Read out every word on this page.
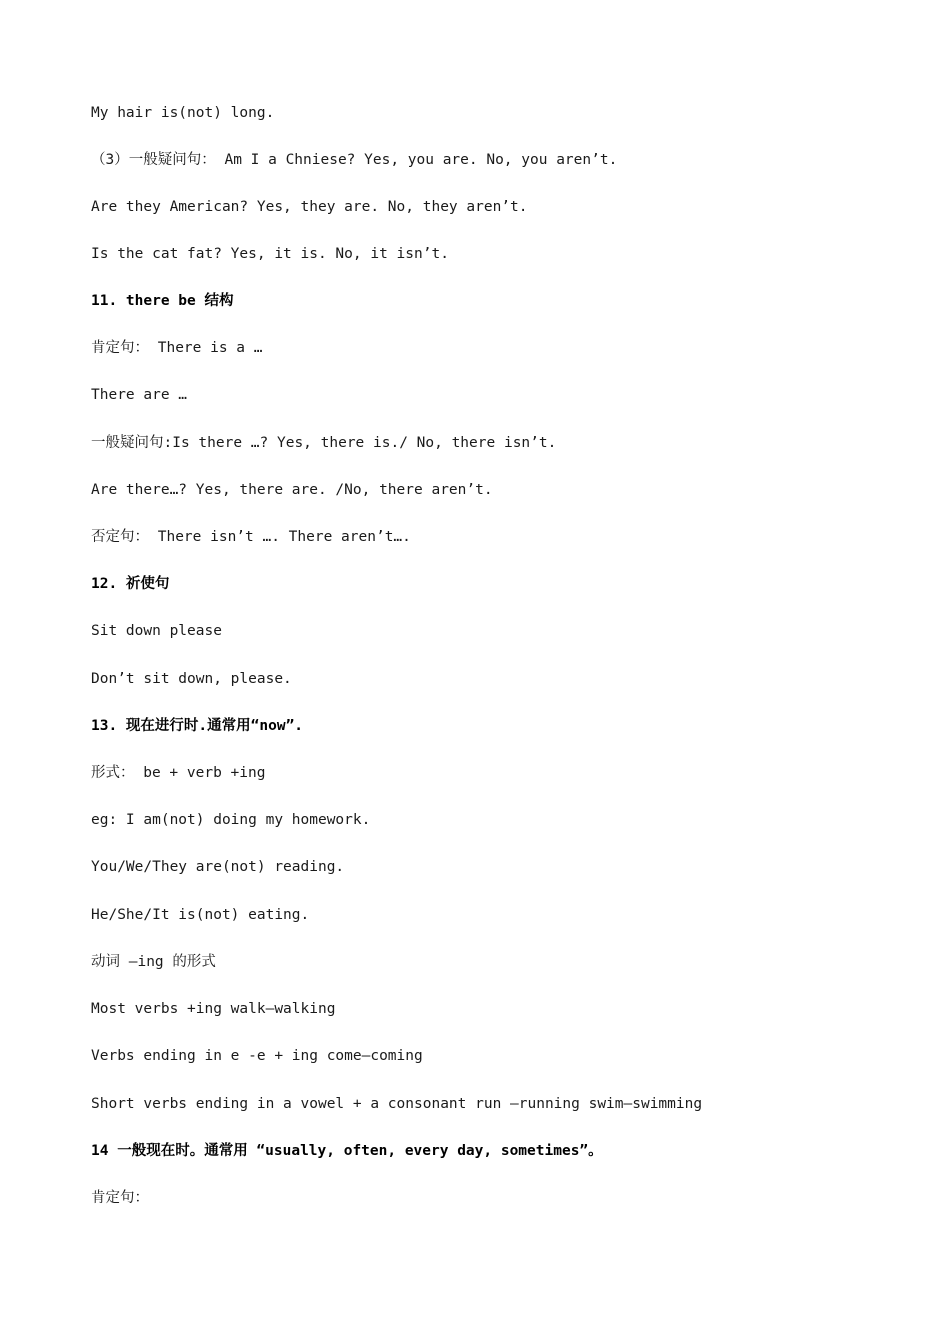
My hair is(not) long.
（3）一般疑问句： Am I a Chniese? Yes, you are. No, you aren’t.
Are they American? Yes, they are. No, they aren’t.
Is the cat fat? Yes, it is. No, it isn’t.
11. there be 结构
肯定句： There is a …
There are …
一般疑问句:Is there …? Yes, there is./ No, there isn’t.
Are there…? Yes, there are. /No, there aren’t.
否定句： There isn’t …. There aren’t….
12. 祈使句
Sit down please
Don’t sit down, please.
13. 现在进行时.通常用“now”.
形式： be + verb +ing
eg: I am(not) doing my homework.
You/We/They are(not) reading.
He/She/It is(not) eating.
动词 —ing 的形式
Most verbs +ing walk—walking
Verbs ending in e -e + ing come—coming
Short verbs ending in a vowel + a consonant run –running swim—swimming
14 一般现在时。通常用 “usually, often, every day, sometimes”。
肯定句：
